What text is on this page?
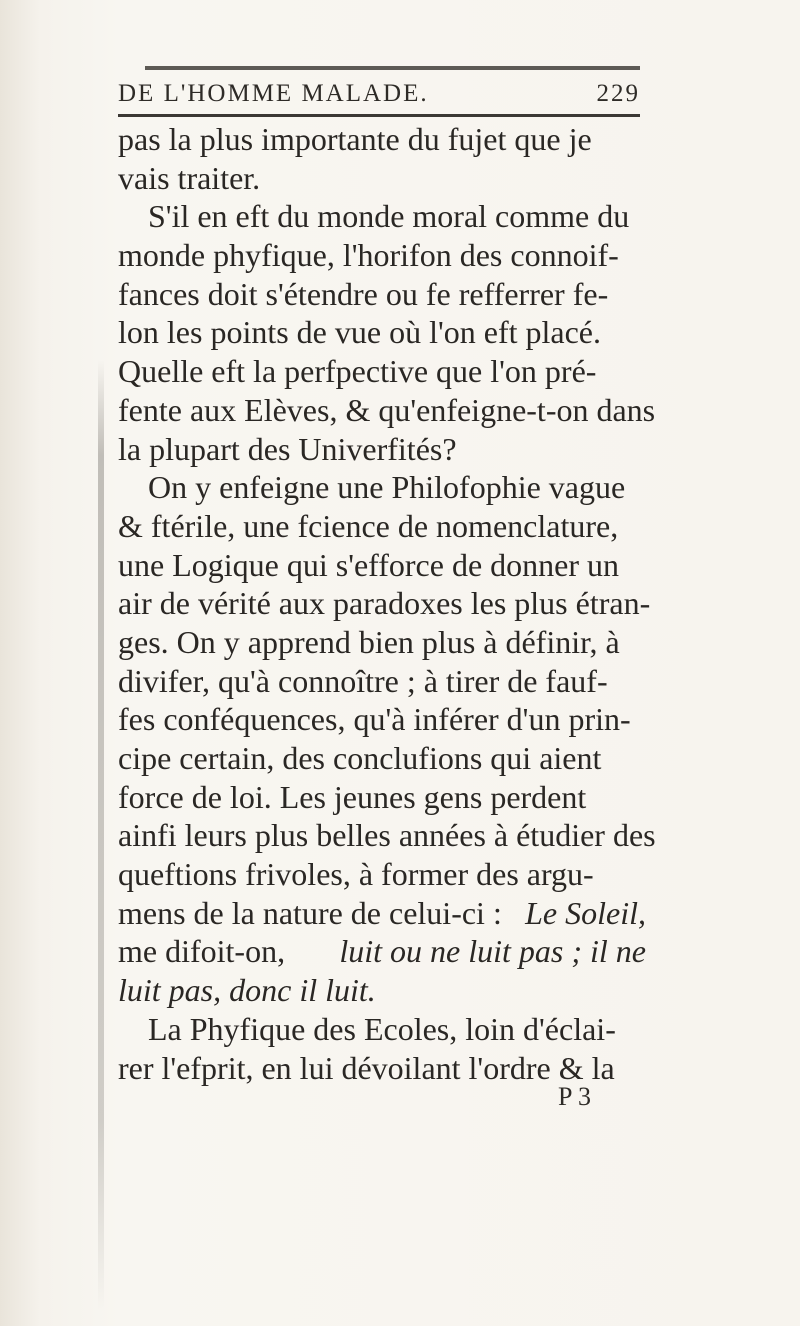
DE L'HOMME MALADE.	229
pas la plus importante du fujet que je
vais traiter.
S'il en eft du monde moral comme du
monde phyfique, l'horifon des connoif-
fances doit s'étendre ou fe refferrer fe-
lon les points de vue où l'on eft placé.
Quelle eft la perfpective que l'on pré-
fente aux Elèves, & qu'enfeigne-t-on dans
la plupart des Univerfités?
On y enfeigne une Philofophie vague
& ftérile, une fcience de nomenclature,
une Logique qui s'efforce de donner un
air de vérité aux paradoxes les plus étran-
ges. On y apprend bien plus à définir, à
divifer, qu'à connoître ; à tirer de fauf-
fes conféquences, qu'à inférer d'un prin-
cipe certain, des conclufions qui aient
force de loi. Les jeunes gens perdent
ainfi leurs plus belles années à étudier des
queftions frivoles, à former des argu-
mens de la nature de celui-ci : Le Soleil,
me difoit-on, luit ou ne luit pas ; il ne
luit pas, donc il luit.
La Phyfique des Ecoles, loin d'éclai-
rer l'efprit, en lui dévoilant l'ordre & la
P 3
